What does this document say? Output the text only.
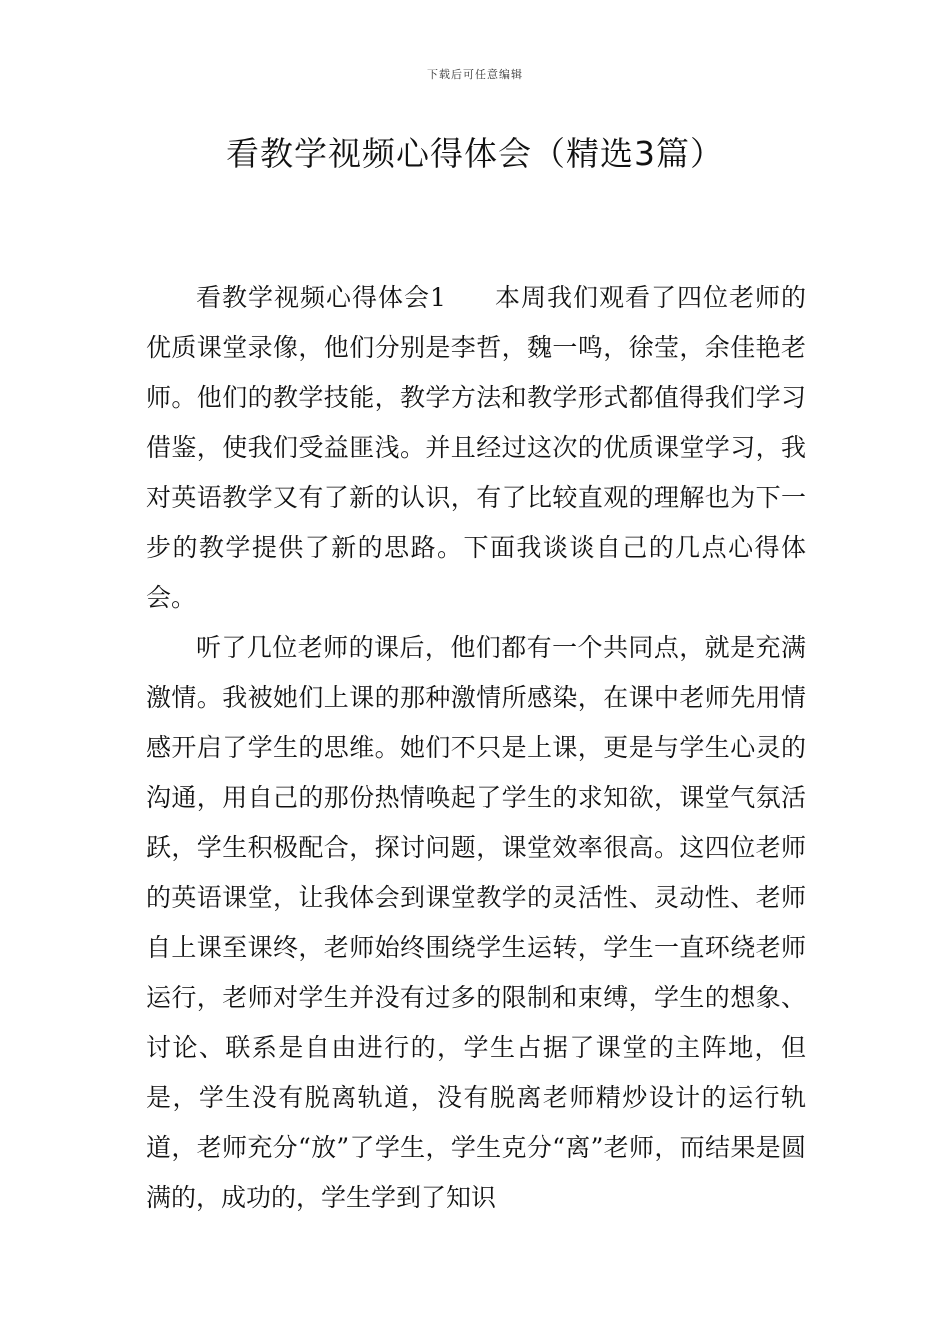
下载后可任意编辑
看教学视频心得体会（精选3篇）

看教学视频心得体会1 本周我们观看了四位老师的优质课堂录像，他们分别是李哲，魏一鸣，徐莹，余佳艳老师。他们的教学技能，教学方法和教学形式都值得我们学习借鉴，使我们受益匪浅。并且经过这次的优质课堂学习，我对英语教学又有了新的认识，有了比较直观的理解也为下一步的教学提供了新的思路。下面我谈谈自己的几点心得体会。

听了几位老师的课后，他们都有一个共同点，就是充满激情。我被她们上课的那种激情所感染，在课中老师先用情感开启了学生的思维。她们不只是上课，更是与学生心灵的沟通，用自己的那份热情唤起了学生的求知欲，课堂气氛活跃，学生积极配合，探讨问题，课堂效率很高。这四位老师的英语课堂，让我体会到课堂教学的灵活性、灵动性、老师自上课至课终，老师始终围绕学生运转，学生一直环绕老师运行，老师对学生并没有过多的限制和束缚，学生的想象、讨论、联系是自由进行的，学生占据了课堂的主阵地，但是，学生没有脱离轨道，没有脱离老师精炒设计的运行轨道，老师充分“放”了学生，学生克分“离”老师，而结果是圆满的，成功的，学生学到了知识
